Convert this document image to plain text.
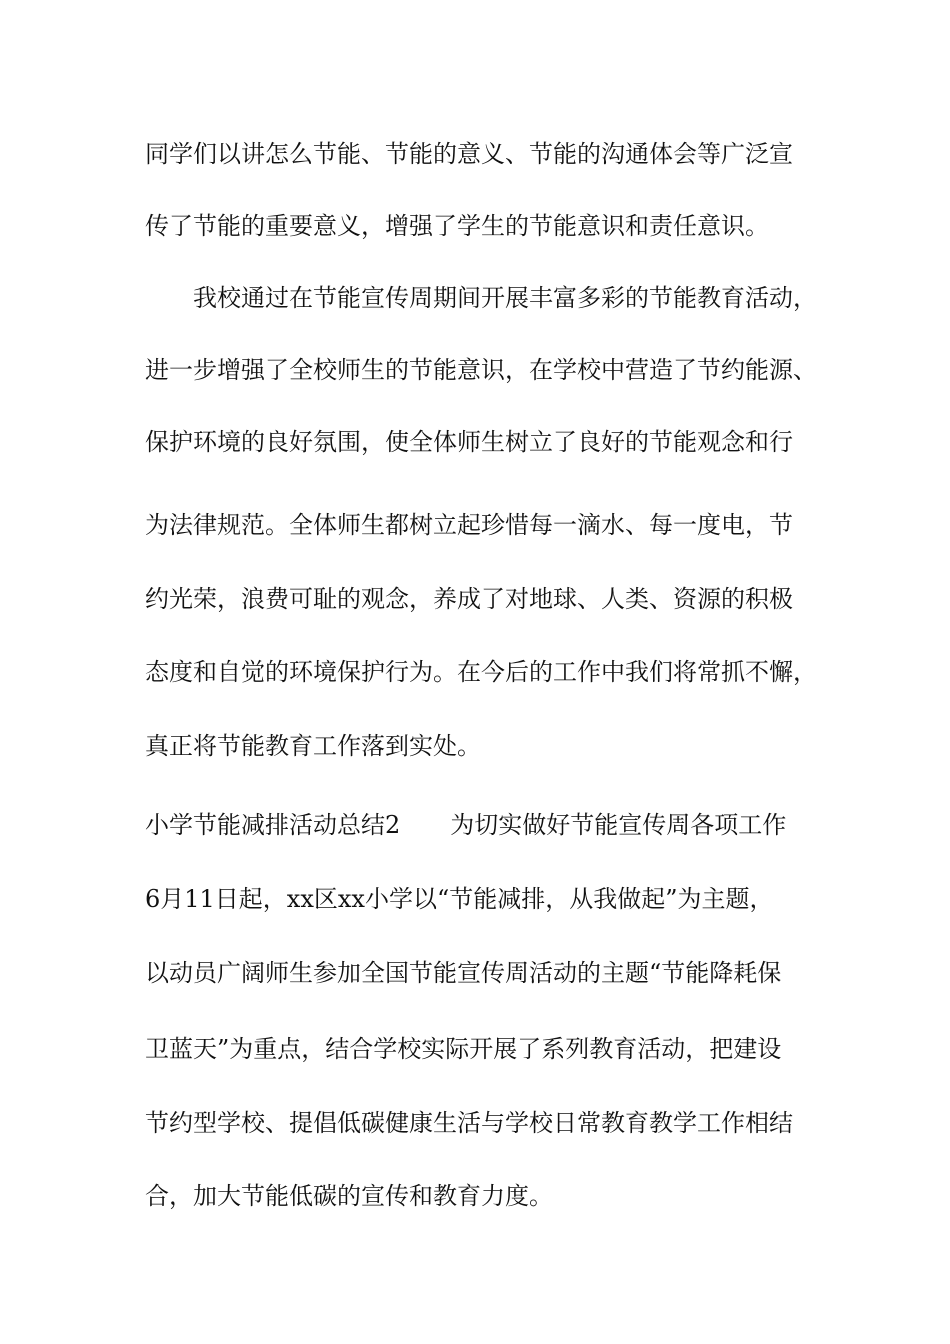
同学们以讲怎么节能、节能的意义、节能的沟通体会等广泛宣
传了节能的重要意义，增强了学生的节能意识和责任意识。
我校通过在节能宣传周期间开展丰富多彩的节能教育活动，
进一步增强了全校师生的节能意识，在学校中营造了节约能源、
保护环境的良好氛围，使全体师生树立了良好的节能观念和行
为法律规范。全体师生都树立起珍惜每一滴水、每一度电，节
约光荣，浪费可耻的观念，养成了对地球、人类、资源的积极
态度和自觉的环境保护行为。在今后的工作中我们将常抓不懈，
真正将节能教育工作落到实处。
小学节能减排活动总结2 为切实做好节能宣传周各项工作
6月11日起，xx区xx小学以“节能减排，从我做起”为主题，
以动员广阔师生参加全国节能宣传周活动的主题“节能降耗保
卫蓝天”为重点，结合学校实际开展了系列教育活动，把建设
节约型学校、提倡低碳健康生活与学校日常教育教学工作相结
合，加大节能低碳的宣传和教育力度。
